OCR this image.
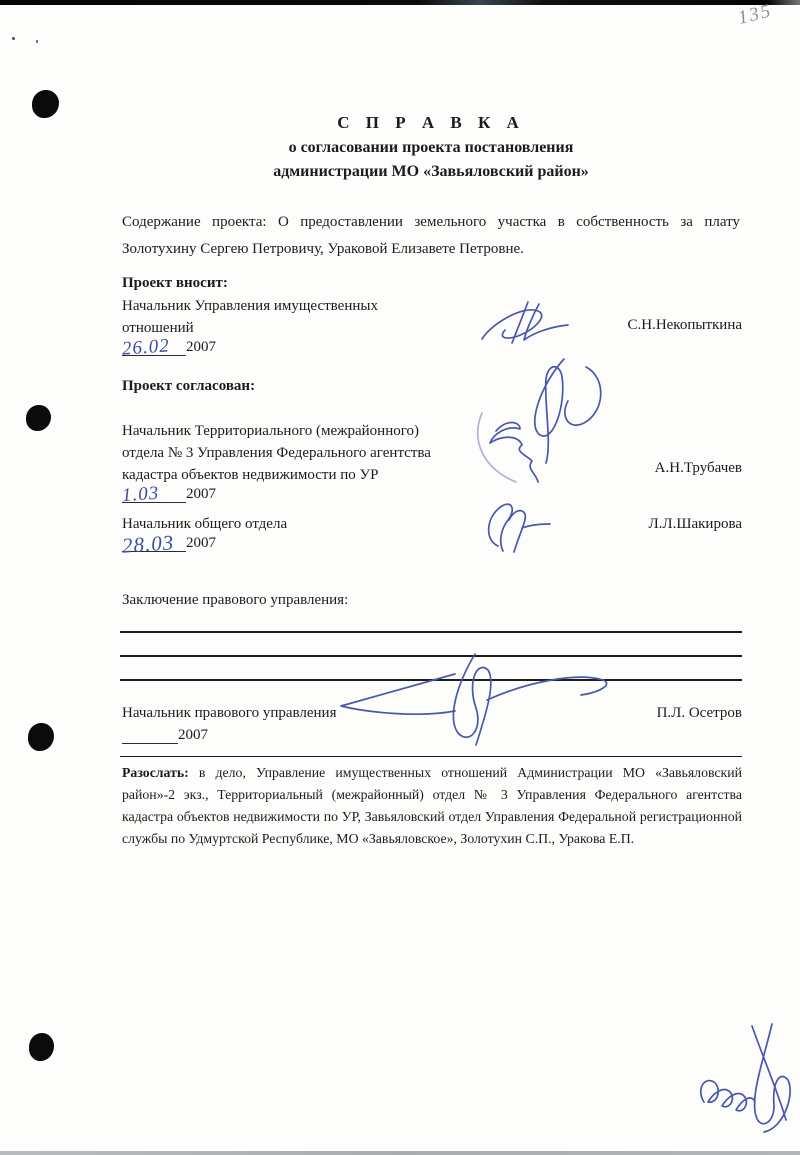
135
С П Р А В К А
о согласовании проекта постановления
администрации МО «Завьяловский район»
Содержание проекта: О предоставлении земельного участка в собственность за плату Золотухину Сергею Петровичу, Ураковой Елизавете Петровне.
Проект вносит:
Начальник Управления имущественных
отношений
26.02 2007
С.Н.Некопыткина
Проект согласован:
Начальник Территориального (межрайонного)
отдела № 3 Управления Федерального агентства
кадастра объектов недвижимости по УР
1.03 2007
А.Н.Трубачев
Начальник общего отдела
28.03 2007
Л.Л.Шакирова
Заключение правового управления:
Начальник правового управления	П.Л. Осетров
2007
Разослать: в дело, Управление имущественных отношений Администрации МО «Завьяловский район»-2 экз., Территориальный (межрайонный) отдел № 3 Управления Федерального агентства кадастра объектов недвижимости по УР, Завьяловский отдел Управления Федеральной регистрационной службы по Удмуртской Республике, МО «Завьяловское», Золотухин С.П., Уракова Е.П.
